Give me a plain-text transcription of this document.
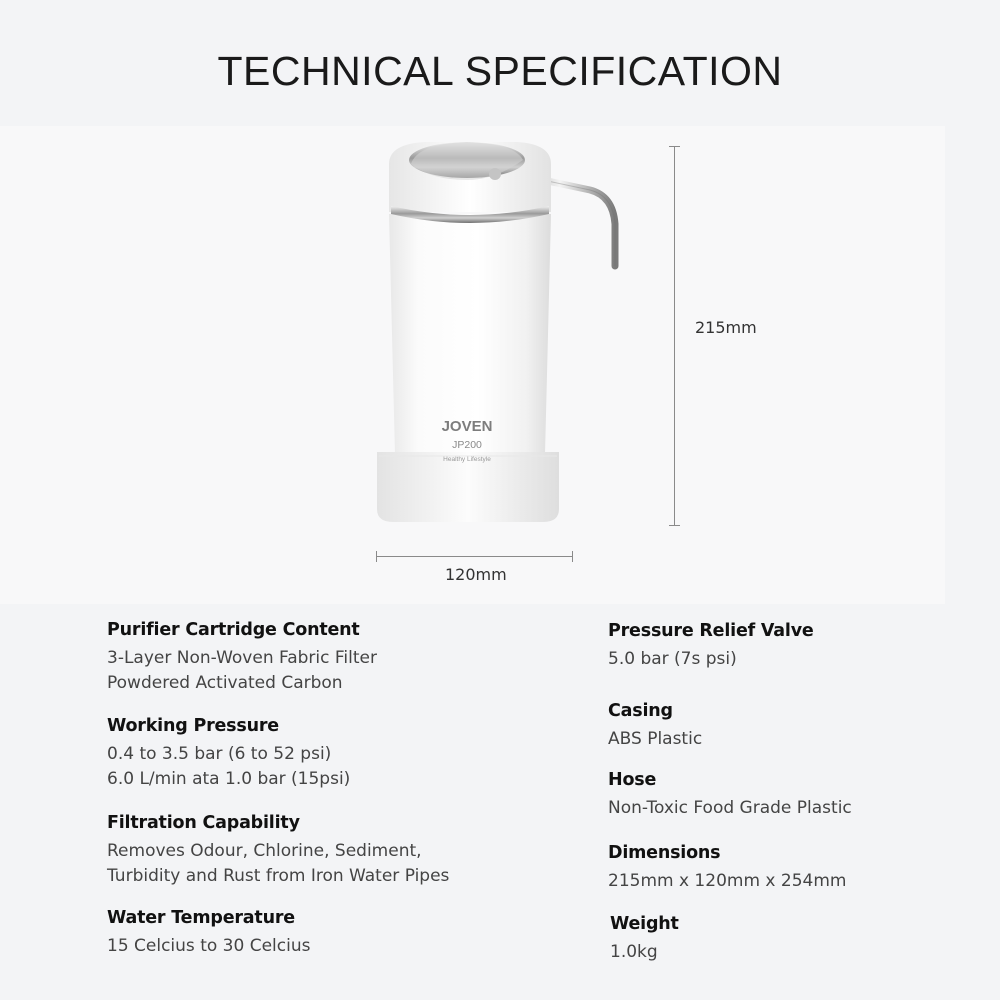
TECHNICAL SPECIFICATION
JOVEN
JP200
Healthy Lifestyle
215mm
120mm
Purifier Cartridge Content
3-Layer Non-Woven Fabric Filter
Powdered Activated Carbon
Working Pressure
0.4 to 3.5 bar (6 to 52 psi)
6.0 L/min ata 1.0 bar (15psi)
Filtration Capability
Removes Odour, Chlorine, Sediment,
Turbidity and Rust from Iron Water Pipes
Water Temperature
15 Celcius to 30 Celcius
Pressure Relief Valve
5.0 bar (7s psi)
Casing
ABS Plastic
Hose
Non-Toxic Food Grade Plastic
Dimensions
215mm x 120mm x 254mm
Weight
1.0kg
